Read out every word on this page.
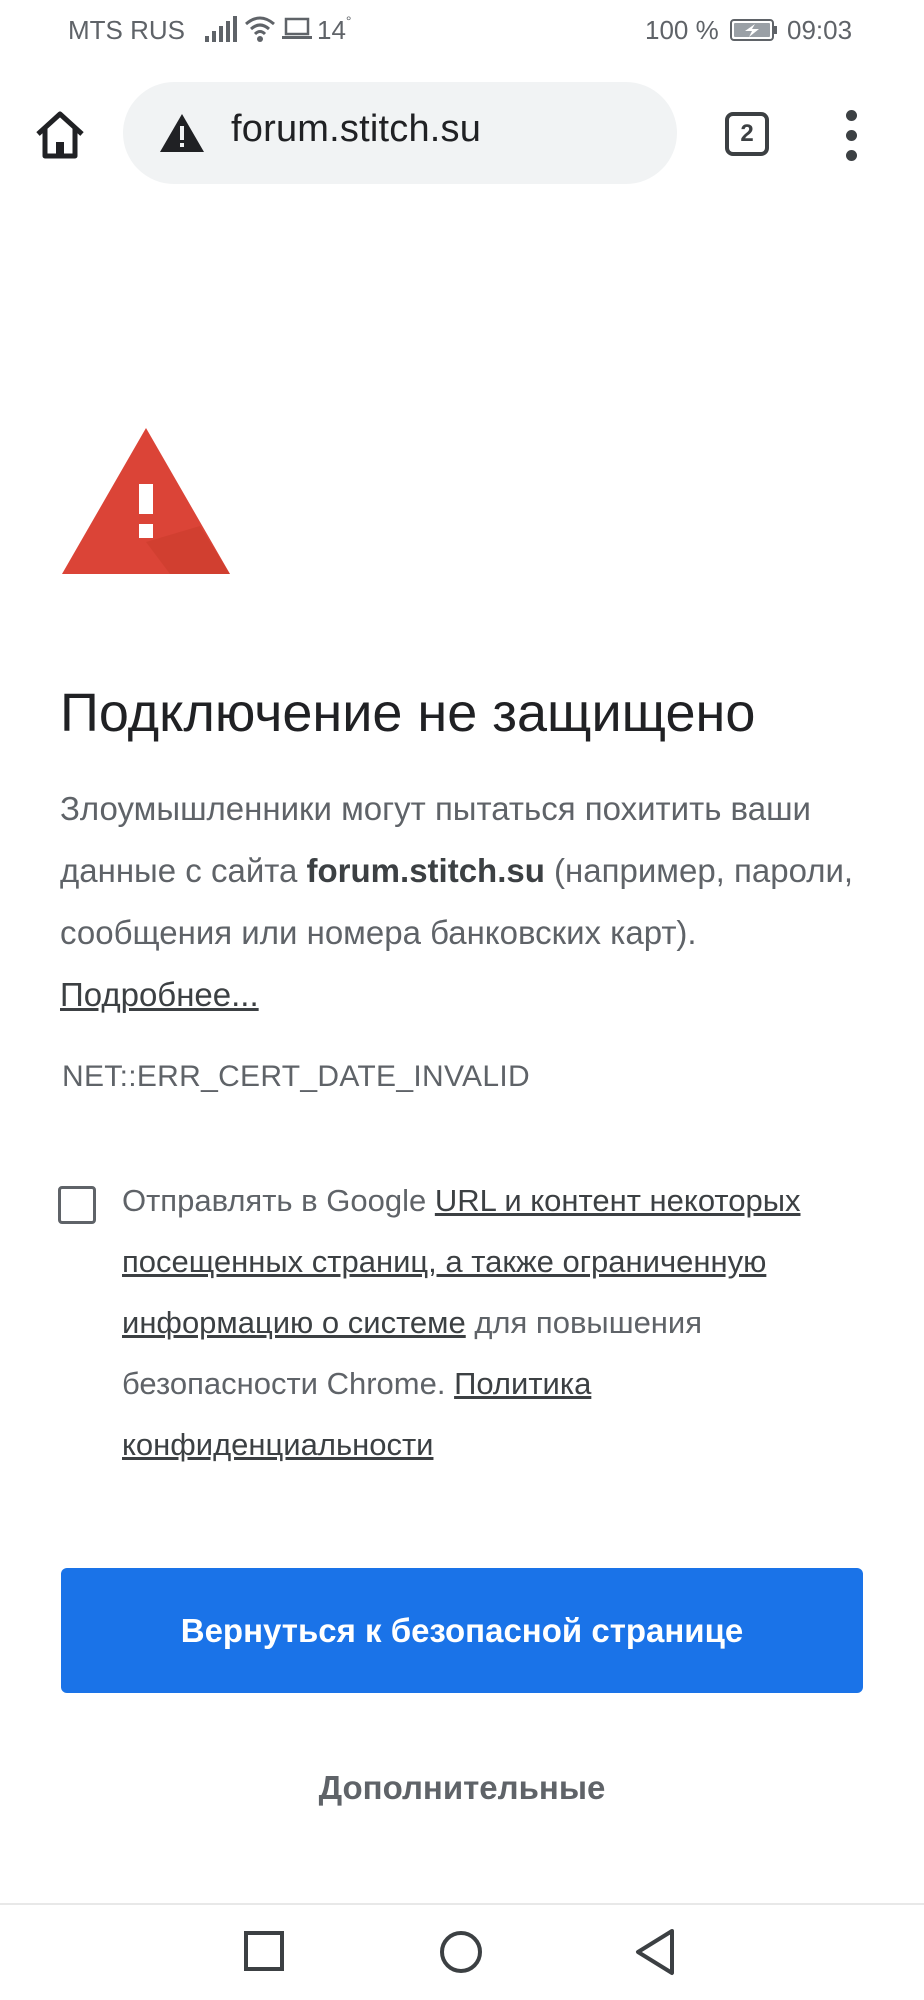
MTS RUS	14°	100 %	09:03
forum.stitch.su	2
Подключение не защищено
Злоумышленники могут пытаться похитить ваши данные с сайта forum.stitch.su (например, пароли, сообщения или номера банковских карт). Подробнее...
NET::ERR_CERT_DATE_INVALID
Отправлять в Google URL и контент некоторых посещенных страниц, а также ограниченную информацию о системе для повышения безопасности Chrome. Политика конфиденциальности
Вернуться к безопасной странице
Дополнительные
